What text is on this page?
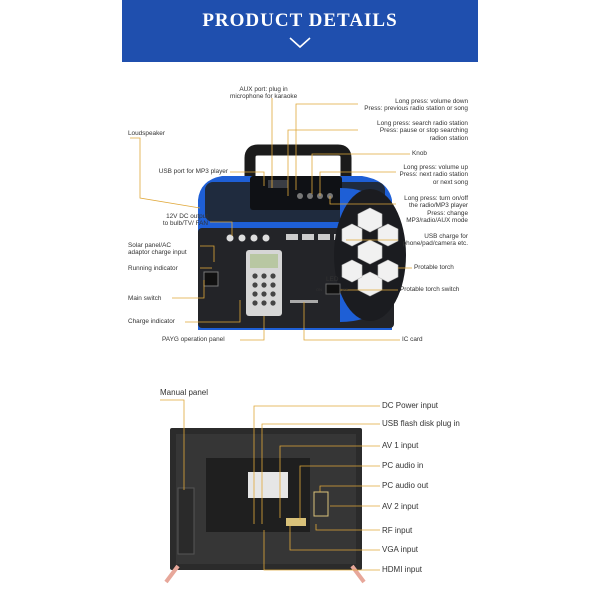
PRODUCT DETAILS
LED
ON	OFF
AUX port: plug in
microphone for karaoke
Loudspeaker
USB port for MP3 player
12V DC output
to bulb/TV/ FAN
Solar panel/AC
adaptor charge input
Running indicator
Main switch
Charge indicator
PAYG operation panel
Long press: volume down
Press: previous radio station or song
Long press: search radio station
Press: pause or stop searching
radion station
Knob
Long press: volume up
Press: next radio station
or next song
Long press: turn on/off
the radio/MP3 player
Press: change
MP3/radio/AUX mode
USB charge for
phone/pad/camera etc.
Protable torch
Protable torch switch
IC card
Manual panel
DC Power input
USB flash disk plug in
AV 1 input
PC audio in
PC audio out
AV 2 input
RF input
VGA input
HDMI input
